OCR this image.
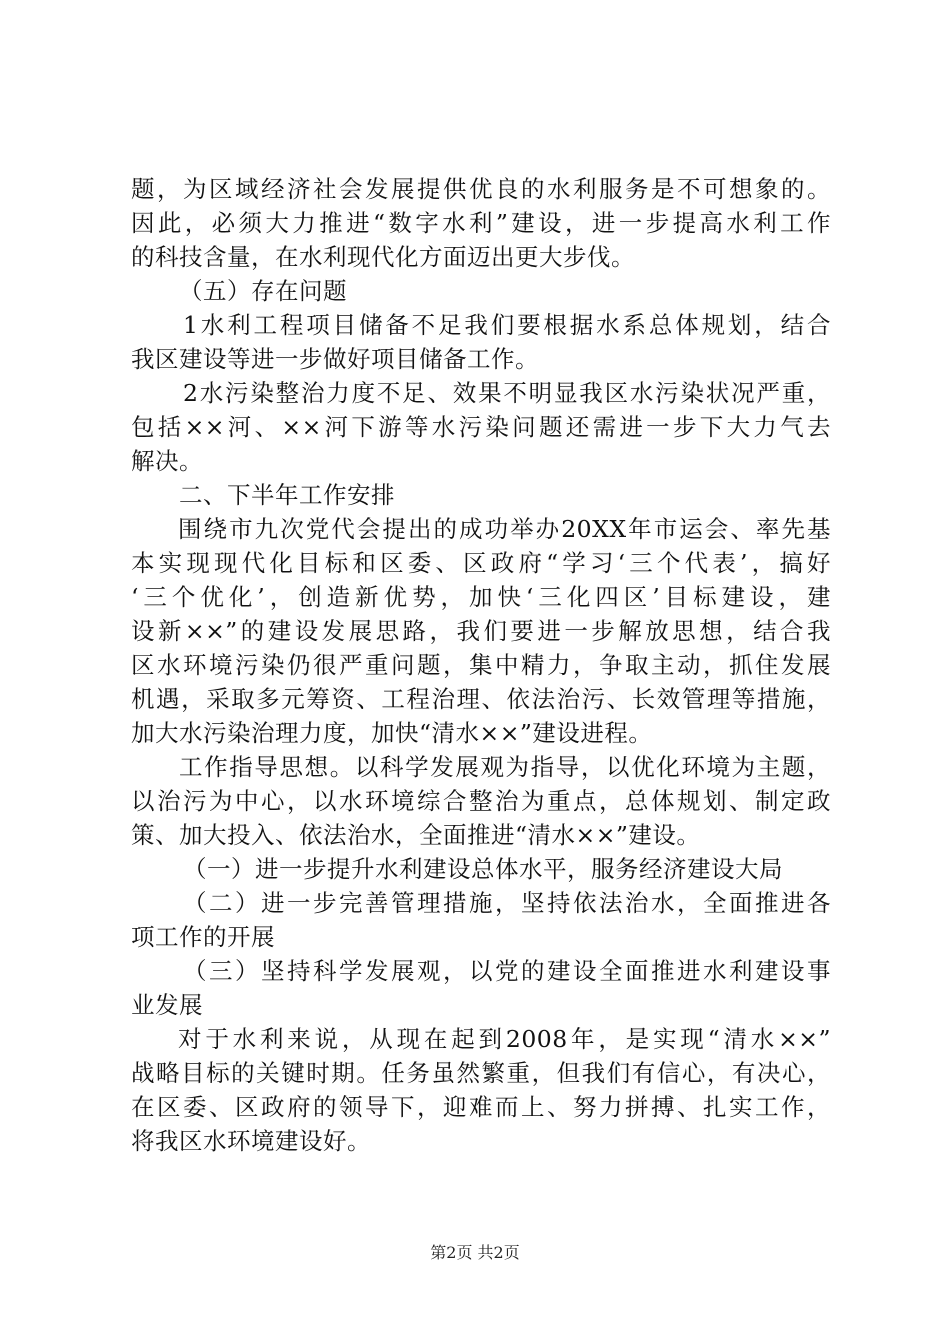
题，为区域经济社会发展提供优良的水利服务是不可想象的。
因此，必须大力推进“数字水利”建设，进一步提高水利工作
的科技含量，在水利现代化方面迈出更大步伐。
（五）存在问题
1水利工程项目储备不足我们要根据水系总体规划，结合
我区建设等进一步做好项目储备工作。
2水污染整治力度不足、效果不明显我区水污染状况严重，
包括××河、××河下游等水污染问题还需进一步下大力气去
解决。
二、下半年工作安排
围绕市九次党代会提出的成功举办20XX年市运会、率先基
本实现现代化目标和区委、区政府“学习‘三个代表’，搞好
‘三个优化’，创造新优势，加快‘三化四区’目标建设，建
设新××”的建设发展思路，我们要进一步解放思想，结合我
区水环境污染仍很严重问题，集中精力，争取主动，抓住发展
机遇，采取多元筹资、工程治理、依法治污、长效管理等措施，
加大水污染治理力度，加快“清水××”建设进程。
工作指导思想。以科学发展观为指导，以优化环境为主题，
以治污为中心，以水环境综合整治为重点，总体规划、制定政
策、加大投入、依法治水，全面推进“清水××”建设。
（一）进一步提升水利建设总体水平，服务经济建设大局
（二）进一步完善管理措施，坚持依法治水，全面推进各
项工作的开展
（三）坚持科学发展观，以党的建设全面推进水利建设事
业发展
对于水利来说，从现在起到2008年，是实现“清水××”
战略目标的关键时期。任务虽然繁重，但我们有信心，有决心，
在区委、区政府的领导下，迎难而上、努力拼搏、扎实工作，
将我区水环境建设好。
第2页 共2页
